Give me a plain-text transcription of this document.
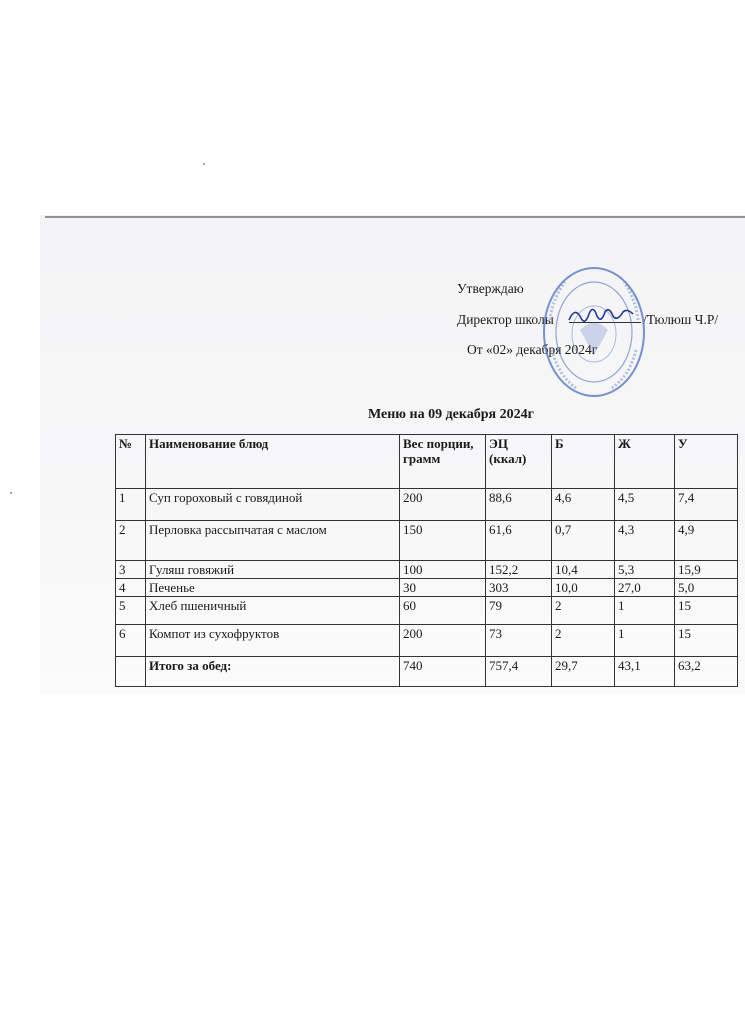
Утверждаю
Директор школы	/Тюлюш Ч.Р/
От «02» декабря 2024г
Меню на 09 декабря 2024г
№	Наименование блюд	Вес порции, грамм	ЭЦ (ккал)	Б	Ж	У
1	Суп гороховый с говядиной	200	88,6	4,6	4,5	7,4
2	Перловка рассыпчатая с маслом	150	61,6	0,7	4,3	4,9
3	Гуляш говяжий	100	152,2	10,4	5,3	15,9
4	Печенье	30	303	10,0	27,0	5,0
5	Хлеб пшеничный	60	79	2	1	15
6	Компот из сухофруктов	200	73	2	1	15
	Итого за обед:	740	757,4	29,7	43,1	63,2
